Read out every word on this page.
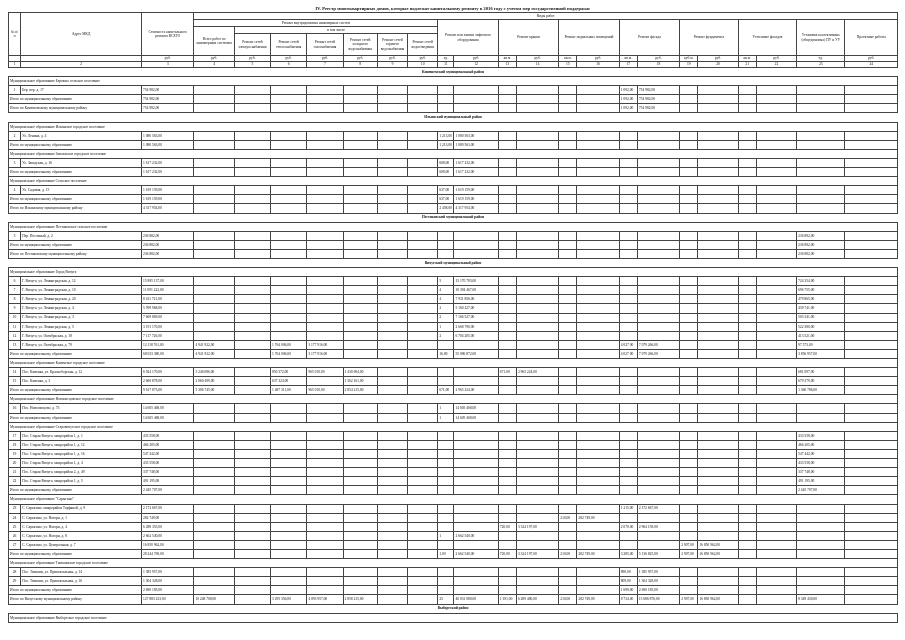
IV. Реестр многоквартирных домов, которые подлежат капитальному ремонту в 2016 году с учетом мер государственной поддержки
№ п/п	Адрес МКД	Стоимость капитального ремонта ВСЕГО	Виды работ																				
			Ремонт внутридомовых инженерных систем							Ремонт или замена лифтового оборудования		Ремонт крыши		Ремонт подвальных помещений		Ремонт фасада		Ремонт фундамента		Утепление фасадов		Установка коллективных (общедомовых) ПУ и УУ	Проектные работы
			Всего работ по инженерным системам	в том числе																			
				Ремонт сетей электроснабжения	Ремонт сетей теплоснабжения	Ремонт сетей газоснабжения	Ремонт сетей холодного водоснабжения	Ремонт сетей горячего водоснабжения	Ремонт сетей водоотведения														
		руб.	руб.	руб.	руб.	руб.	руб.	руб.	руб.	ед.	руб.	кв.м.	руб.	кв.м.	руб.	кв.м.	руб.	куб.м.	руб.	кв.м.	руб.	ед.	руб.
1	2	3	4	5	6	7	8	9	10	11	12	13	14	15	16	17	18	19	20	21	22	23	24
Кинешемский муниципальный район																							
Муниципальное образование Бережно сельское поселение																							
1	Бер. пер. д. 17	754 982,00														1 092,00	754 982,00						
Итого по муниципальному образованию		754 982,00														1 092,00	754 982,00						
Итого по Кинешемскому муниципальному району		754 982,00														1 092,00	754 982,00						
Ильинский муниципальный район																							
Муниципальное образование Ильинское городское поселение																							
2	Ул. Ленина, д. 4	1 080 563,00								1 213,00	1 080 563,00												
Итого по муниципальному образованию		1 080 563,00								1 213,00	1 080 563,00												
Муниципальное образование Заволжское городское поселение																							
3	Ул. Заводская, д. 16	1 617 232,00								608,00	1 617 232,00												
Итого по муниципальному образованию		1 617 232,00								608,00	1 617 232,00												
Муниципальное образование Сельское поселение																							
4	Ул. Садовая, д. 15	1 619 159,00								637,00	1 619 159,00												
Итого по муниципальному образованию		1 619 159,00								637,00	1 619 159,00												
Итого по Ильинскому муниципальному району		4 317 954,00								2 458,00	4 317 954,00												
Пестяковский муниципальный район																							
Муниципальное образование Пестяковское сельское поселение																							
5	Пер. Песочный, д. 2	236 882,00																				236 882,00	
Итого по муниципальному образованию		236 882,00																				236 882,00	
Итого по Пестяковскому муниципальному району		236 882,00																				236 882,00	
Вичугский муниципальный район																							
Муниципальное образование Город Вичуга																							
6	Г. Вичуга, ул. Ленинградская, д. 12	15 895 137,00								5	15 170 783,00											724 354,00	
7	Г. Вичуга, ул. Ленинградская, д. 10	11 091 222,00								4	10 394 467,00											696 755,00	
8	Г. Вичуга, ул. Ленинградская, д. 20	8 411 721,00								4	7 931 856,00											479 865,00	
9	Г. Вичуга, ул. Ленинградская, д. 4	5 599 968,00								2	5 160 227,00											439 741,00	
10	Г. Вичуга, ул. Ленинградская, д. 3	7 669 869,00								2	7 166 527,00											503 341,00	
11	Г. Вичуга, ул. Ленинградская, д. 5	3 191 170,00								1	2 668 790,00											522 380,00	
12	Г. Вичуга, ул. Октябрьская, д. 18	7 117 726,00								2	6 704 205,00											413 521,00	
13	Г. Вичуга, ул. Октябрьская, д. 79	12 118 761,00	4 941 922,00		1 764 006,00	3 177 916,00										4 027 00	7 079 266,00					97 573,00	
Итого по муниципальному образованию		68 033 380,00	4 941 922,00		1 764 006,00	3 177 916,00				16,00	55 096 872,00					4 027 00	7 079 266,00					3 856 957,00	
Муниципальное образование Каменское городское поселение																							
14	Пос. Каменка, ул. Красноборская, д. 12	6 924 170,00	3 246 086,00		850 372,00	965 010,00	1 430 694,00					671,00	2 965 224,00									681 097,00	
15	Пос. Каменка, д. 3	2 669 878,00	2 060 499,00		637 324,00		1 362 161,00															679 379,00	
Итого по муниципальному образованию		9 617 873,00	5 306 745,00		1 487 311,00	965 010,00	2 854 215,00			671,00	2 965 224,00											1 360 786,00	
Муниципальное образование Новописцовское городское поселение																							
16	Пос. Новописцово, д. 73	14 605 468,00								1	14 605 468,00												
Итого по муниципальному образованию		14 605 468,00								1	14 605 468,00												
Муниципальное образование Старовичугское городское поселение																							
17	Пос. Старая Вичуга, микрорайон 1, д. 1	433 558,00																				433 558,00	
18	Пос. Старая Вичуга, микрорайон 1, д. 12	466 205,00																				466 205,00	
19	Пос. Старая Вичуга, микрорайон 1, д. 16	547 442,00																				547 442,00	
20	Пос. Старая Вичуга, микрорайон 1, д. 4	433 558,00																				433 558,00	
21	Пос. Старая Вичуга, микрорайон 2, д. 49	337 748,00																				337 748,00	
22	Пос. Старая Вичуга, микрорайон 1, д. 5	491 195,00																				491 195,00	
Итого по муниципальному образованию		2 445 707,00																				2 445 707,00	
Муниципальное образование "Сарыгино"																							
23	С. Сарыгино, микрорайон Торфяной, д. 9	2 172 667,00														1 215,00	2 172 667,00						
24	С. Сарыгино, ул. Нагорн, д. 1	282 749,00												210,00	282 749,00								
25	С. Сарыгино, ул. Нагорн, д. 4	6 288 355,00										720,00	3 324 197,00			2 070,00	2 964 158,00						
26	С. Сарыгино, ул. Нагорн, д. 8	2 662 540,00								1	2 662 540,00												
27	С. Сарыгино, ул. Центральная, д. 7	16 850 962,00																2 907,00	16 850 962,00				
Итого по муниципальному образованию		28 244 769,00								1,00	2 662 540,00	720,00	3 324 197,00	210,00	282 749,00	3 285,00	5 136 825,00	2 907,00	16 850 962,00				
Муниципальное образование Тимшинское городское поселение																							
28	Пос. Тимшин, ул. Привокзальная, д. 14	1 385 957,00														890,00	1 385 957,00						
29	Пос. Тимшин, ул. Привокзальная, д. 16	1 304 328,00														809,00	1 304 328,00						
Итого по муниципальному образованию		2 690 185,00														1 699,00	2 690 185,00						
Итого по Вичугскому муниципальному району		127 883 233,00	10 248 708,00		3 295 356,00	4 093 957,00	2 858 215,00			25	40 031 080,00	1 391,00	6 289 400,00	210,00	282 749,00	8 734,00	15 686 876,00	2 907,00	16 850 962,00			8 349 430,00	
Выборгский район																							
Муниципальное образование Выборгское городское поселение																							
